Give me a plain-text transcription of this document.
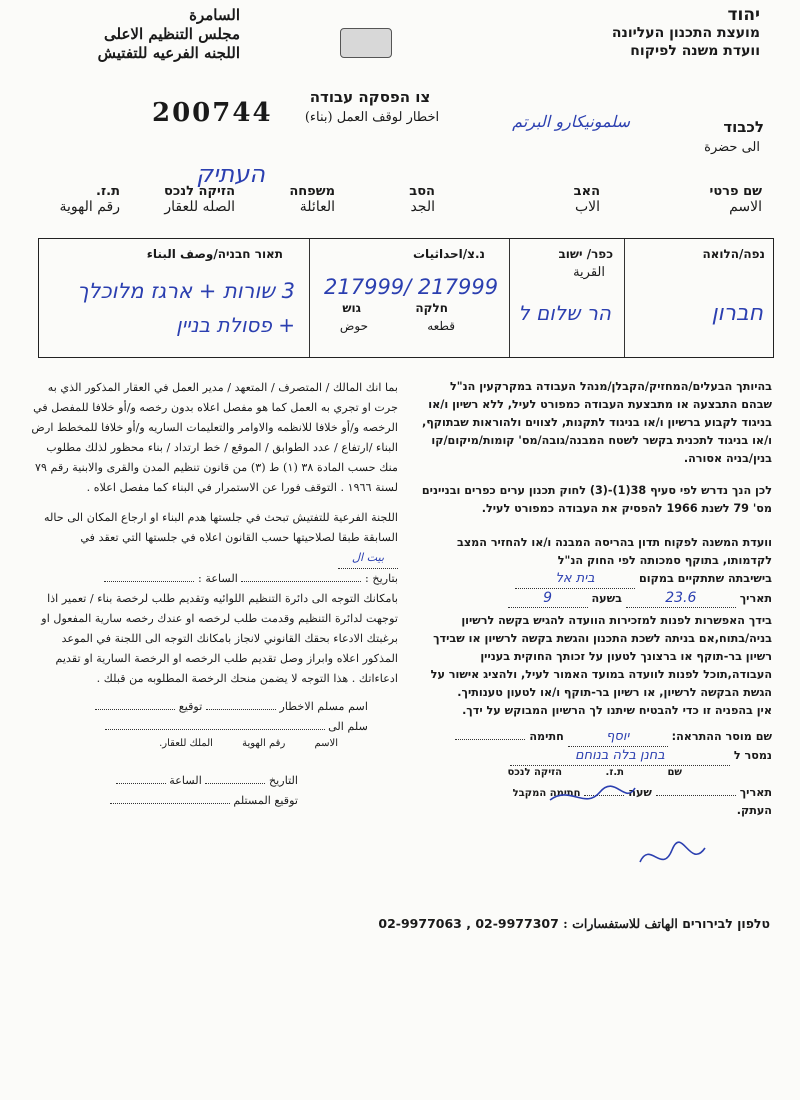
יהוד
מועצת התכנון העליונה
וועדת משנה לפיקוח
السامرة
مجلس التنظيم الاعلى
اللجنه الفرعيه للتفتيش
200744
צו הפסקה עבודה
اخطار لوقف العمل (بناء)
לכבוד
الى حضرة
سلمونيكارو البرتم
העתיק
שם פרטי
الاسم
האב
الاب
הסב
الجد
משפחה
العائلة
הזיקה לנכס
الصله للعقار
ת.ז.
رقم الهوية
נפה/הלואה
חברון
כפר/ ישוב
القرية
הר שלום ל
נ.צ/احداثيات
217999/ 217999
גוש	חלקה
حوض	قطعه
תאור חבניה/وصف البناء
3 שורות + ארגז מלוכלך
+ פסולת בניין
בהיותך הבעלים/המחזיק/הקבלן/מנהל העבודה במקרקעין הנ"ל שבהם התבצעה או מתבצעת העבודה כמפורט לעיל, ללא רשיון ו/או בניגוד לקבוע ברשיון ו/או בניגוד לתקנות, לצווים ולהוראות שבתוקף, ו/או בניגוד לתכנית בקשר לשטח המבנה/גובה/מס' קומות/מיקום/קו בנין/בניה אסורה.
לכן הנך נדרש לפי סעיף 38(1)-(3) לחוק תכנון ערים כפרים ובניינים מס' 79 לשנת 1966 להפסיק את העבודה כמפורט לעיל.
וועדת המשנה לפקוח תדון בהריסה המבנה ו/או להחזיר המצב לקדמותו, בתוקף סמכותה לפי החוק הנ"ל
בישיבתה שתתקיים במקום בית אל
תאריך 23.6 בשעה 9
בידך האפשרות לפנות למזכירות הוועדה להגיש בקשה לרשיון בניה/בתוח,אם בניתה לשכת התכנון והגשת בקשה לרשיון או שבידך רשיון בר-תוקף או ברצונך לטעון על זכותך החוקית בעניין העבודה,תוכל לפנות לוועדה במועד האמור לעיל, ולהציג אישור על הגשת הבקשה לרשיון, או רשיון בר-תוקף ו/או לטעון טענותיך.
אין בהפניה זו כדי להבטיח שיתנו לך הרשיון המבוקש על ידך.
שם מוסר ההתראה: יוסף חתימה
נמסר ל בחנן בלה בנוחם
שם ת.ז. הזיקה לנכס
תאריך  שעה  חתימה המקבל
העתק.
بما انك المالك / المتصرف / المتعهد / مدير العمل في العقار المذكور الذي به جرت او تجري به العمل كما هو مفصل اعلاه بدون رخصه و/أو خلافا للمفصل في الرخصه و/أو خلافا للانظمه والاوامر والتعليمات الساريه و/أو خلافا للمخطط ارض البناء /ارتفاع / عدد الطوابق / الموقع / خط ارتداد / بناء محظور لذلك مطلوب منك حسب المادة ٣٨ (١) ط (٣) من قانون تنظيم المدن والقرى والابنية رقم ٧٩ لسنة ١٩٦٦ . التوقف فورا عن الاستمرار في البناء كما مفصل اعلاه .
اللجنة الفرعية للتفتيش تبحث في جلستها هدم البناء او ارجاع المكان الى حاله السابقة طبقا لصلاحيتها حسب القانون اعلاه في جلستها التي تعقد في بيت ال
بتاريخ :  الساعة :
بامكانك التوجه الى دائرة التنظيم اللوائيه وتقديم طلب لرخصة بناء / تعمير اذا توجهت لدائرة التنظيم وقدمت طلب لرخصه او عندك رخصه سارية المفعول او برغبتك الادعاء بحقك القانوني لانجاز بامكانك التوجه الى اللجنة في الموعد المذكور اعلاه وابراز وصل تقديم طلب الرخصه او الرخصة السارية او تقديم ادعاءاتك . هذا التوجه لا يضمن منحك الرخصة المطلوبه من قبلك .
اسم مسلم الاخطار  توقيع
سلم الى
الاسم رقم الهوية الملك للعقار.
التاريخ  الساعة
توقيع المستلم
טלפון לבירורים الهاتف للاستفسارات : 02-9977063 , 02-9977307
